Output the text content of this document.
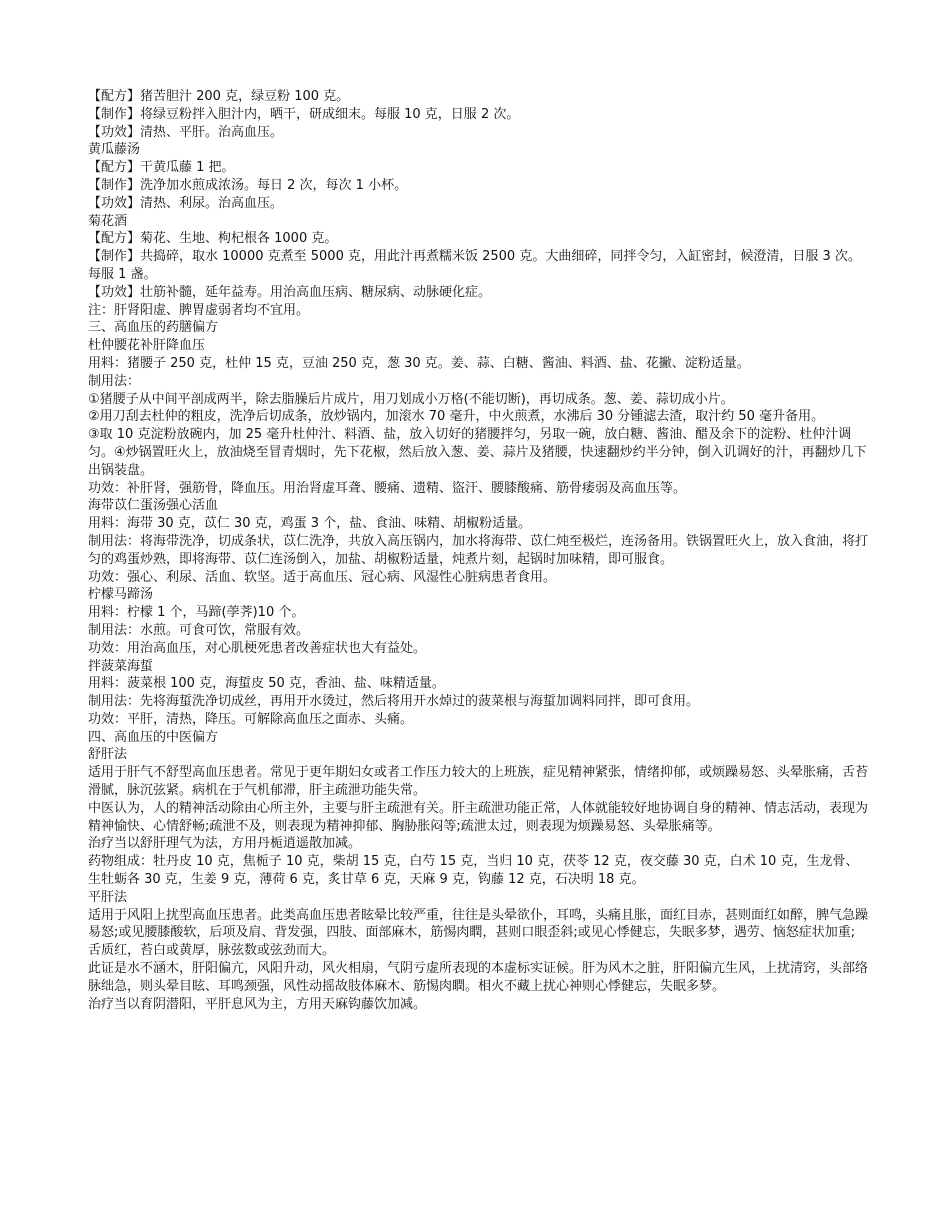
【配方】猪苦胆汁 200 克，绿豆粉 100 克。
【制作】将绿豆粉拌入胆汁内，晒干，研成细末。每服 10 克，日服 2 次。
【功效】清热、平肝。治高血压。
黄瓜藤汤
【配方】干黄瓜藤 1 把。
【制作】洗净加水煎成浓汤。每日 2 次，每次 1 小杯。
【功效】清热、利尿。治高血压。
菊花酒
【配方】菊花、生地、枸杞根各 1000 克。
【制作】共捣碎，取水 10000 克煮至 5000 克，用此汁再煮糯米饭 2500 克。大曲细碎，同拌令匀，入缸密封，候澄清，日服 3 次。每服 1 盏。
【功效】壮筋补髓，延年益寿。用治高血压病、糖尿病、动脉硬化症。
注：肝肾阳虚、脾胃虚弱者均不宜用。
三、高血压的药膳偏方
杜仲腰花补肝降血压
用料：猪腰子 250 克，杜仲 15 克，豆油 250 克，葱 30 克。姜、蒜、白糖、酱油、料酒、盐、花撇、淀粉适量。
制用法：
①猪腰子从中间平剖成两半，除去脂臊后片成片，用刀划成小万格(不能切断)，再切成条。葱、姜、蒜切成小片。
②用刀刮去杜仲的粗皮，洗净后切成条，放炒锅内，加滚水 70 毫升，中火煎煮，水沸后 30 分锺滤去渣，取汁约 50 毫升备用。
③取 10 克淀粉放碗内，加 25 毫升杜仲汁、料酒、盐，放入切好的猪腰拌匀，另取一碗，放白糖、酱油、醋及余下的淀粉、杜仲汁调匀。④炒锅置旺火上，放油烧至冒青烟时，先下花椒，然后放入葱、姜、蒜片及猪腰，快速翻炒约半分钟，倒入讥调好的汁，再翻炒几下出锅装盘。
功效：补肝肾，强筋骨，降血压。用治肾虚耳聋、腰痛、遗精、盜汗、腰膝酸痛、筋骨痿弱及高血压等。
海带苡仁蛋汤强心活血
用料：海带 30 克，苡仁 30 克，鸡蛋 3 个，盐、食油、味精、胡椒粉适量。
制用法：将海带洗净，切成条状，苡仁洗净，共放入高压锅内，加水将海带、苡仁炖至极烂，连汤备用。铁锅置旺火上，放入食油，将打匀的鸡蛋炒熟，即将海带、苡仁连汤倒入，加盐、胡椒粉适量，炖煮片刻，起锅时加味精，即可服食。
功效：强心、利尿、活血、软坚。适于高血压、冠心病、风湿性心脏病患者食用。
柠檬马蹄汤
用料：柠檬 1 个，马蹄(荸荠)10 个。
制用法：水煎。可食可饮，常服有效。
功效：用治高血压，对心肌梗死患者改善症状也大有益处。
拌菠菜海蜇
用料：菠菜根 100 克，海蜇皮 50 克，香油、盐、味精适量。
制用法：先将海蜇洗净切成丝，再用开水烫过，然后将用开水焯过的菠菜根与海蜇加调料同拌，即可食用。
功效：平肝，清热，降压。可解除高血压之面赤、头痛。
四、高血压的中医偏方
舒肝法
适用于肝气不舒型高血压患者。常见于更年期妇女或者工作压力较大的上班族，症见精神紧张，情绪抑郁，或烦躁易怒、头晕胀痛，舌苔滑腻，脉沉弦紧。病机在于气机郁滞，肝主疏泄功能失常。
中医认为，人的精神活动除由心所主外，主要与肝主疏泄有关。肝主疏泄功能正常，人体就能较好地协调自身的精神、情志活动，表现为精神愉快、心情舒畅;疏泄不及，则表现为精神抑郁、胸胁胀闷等;疏泄太过，则表现为烦躁易怒、头晕胀痛等。
治疗当以舒肝理气为法，方用丹栀逍遥散加减。
药物组成：牡丹皮 10 克，焦栀子 10 克，柴胡 15 克，白芍 15 克，当归 10 克，茯苓 12 克，夜交藤 30 克，白术 10 克，生龙骨、生牡蛎各 30 克，生姜 9 克，薄荷 6 克，炙甘草 6 克，天麻 9 克，钩藤 12 克，石决明 18 克。
平肝法
适用于风阳上扰型高血压患者。此类高血压患者眩晕比较严重，往往是头晕欲仆，耳鸣，头痛且胀，面红目赤，甚则面红如醉，脾气急躁易怒;或见腰膝酸软，后项及肩、背发强，四肢、面部麻木，筋惕肉瞤，甚则口眼歪斜;或见心悸健忘，失眠多梦，遇劳、恼怒症状加重;舌质红，苔白或黄厚，脉弦数或弦劲而大。
此证是水不涵木，肝阳偏亢，风阳升动，风火相扇，气阴亏虚所表现的本虚标实证候。肝为风木之脏，肝阳偏亢生风，上扰清窍，头部络脉绌急，则头晕目眩、耳鸣颈强，风性动摇故肢体麻木、筋惕肉瞤。相火不藏上扰心神则心悸健忘，失眠多梦。
治疗当以育阴潜阳，平肝息风为主，方用天麻钩藤饮加减。
